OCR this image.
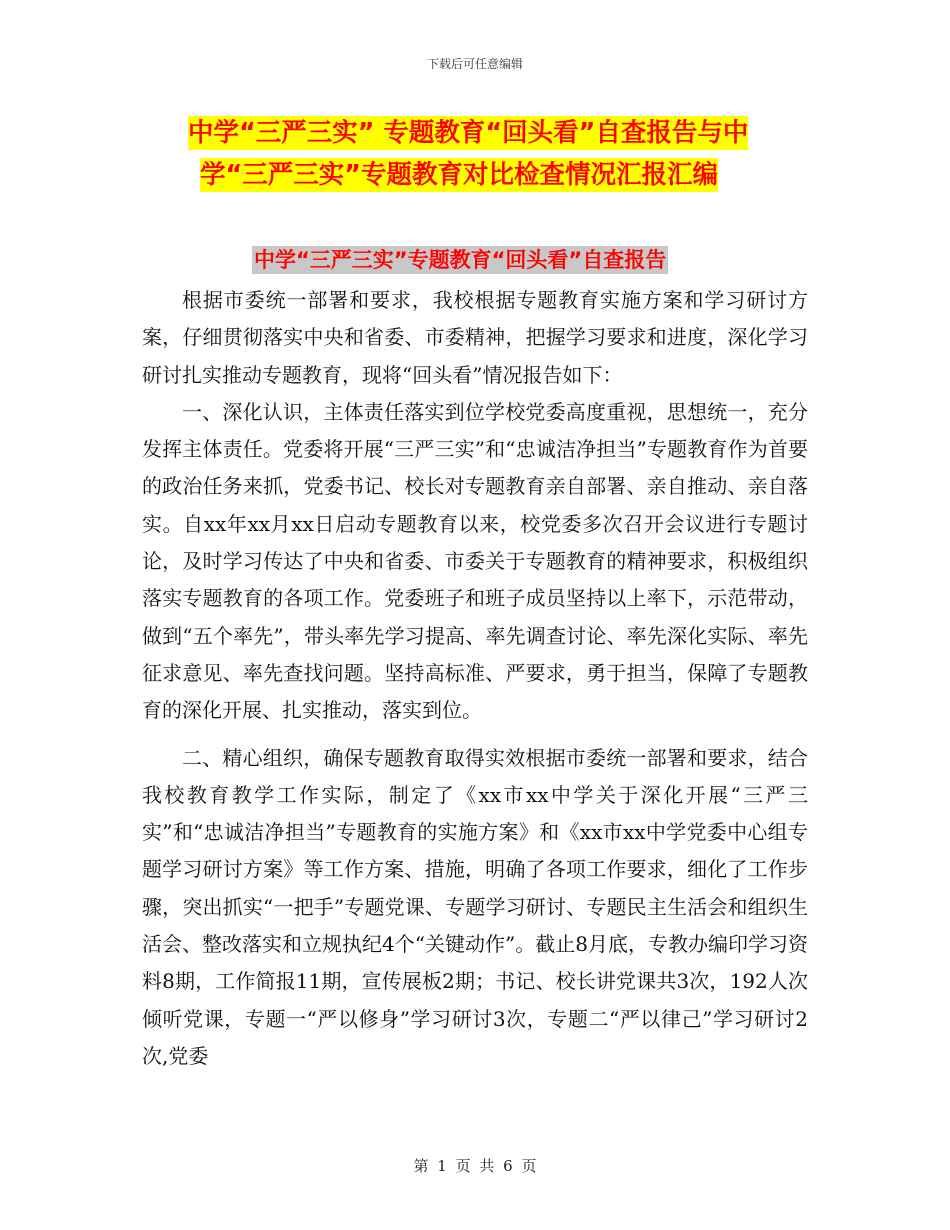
下载后可任意编辑
中学“三严三实” 专题教育“回头看”自查报告与中
学“三严三实”专题教育对比检查情况汇报汇编
中学“三严三实”专题教育“回头看”自查报告

根据市委统一部署和要求，我校根据专题教育实施方案和学习研讨方案，仔细贯彻落实中央和省委、市委精神，把握学习要求和进度，深化学习研讨扎实推动专题教育，现将“回头看”情况报告如下：

一、深化认识，主体责任落实到位学校党委高度重视，思想统一，充分发挥主体责任。党委将开展“三严三实”和“忠诚洁净担当”专题教育作为首要的政治任务来抓，党委书记、校长对专题教育亲自部署、亲自推动、亲自落实。自xx年xx月xx日启动专题教育以来，校党委多次召开会议进行专题讨论，及时学习传达了中央和省委、市委关于专题教育的精神要求，积极组织落实专题教育的各项工作。党委班子和班子成员坚持以上率下，示范带动，做到“五个率先”，带头率先学习提高、率先调查讨论、率先深化实际、率先征求意见、率先查找问题。坚持高标准、严要求，勇于担当，保障了专题教育的深化开展、扎实推动，落实到位。

二、精心组织，确保专题教育取得实效根据市委统一部署和要求，结合我校教育教学工作实际，制定了《xx市xx中学关于深化开展“三严三实”和“忠诚洁净担当”专题教育的实施方案》和《xx市xx中学党委中心组专题学习研讨方案》等工作方案、措施，明确了各项工作要求，细化了工作步骤，突出抓实“一把手”专题党课、专题学习研讨、专题民主生活会和组织生活会、整改落实和立规执纪4个“关键动作”。截止8月底，专教办编印学习资料8期，工作简报11期，宣传展板2期；书记、校长讲党课共3次，192人次倾听党课，专题一“严以修身”学习研讨3次，专题二“严以律己”学习研讨2次,党委

第 1 页 共 6 页
